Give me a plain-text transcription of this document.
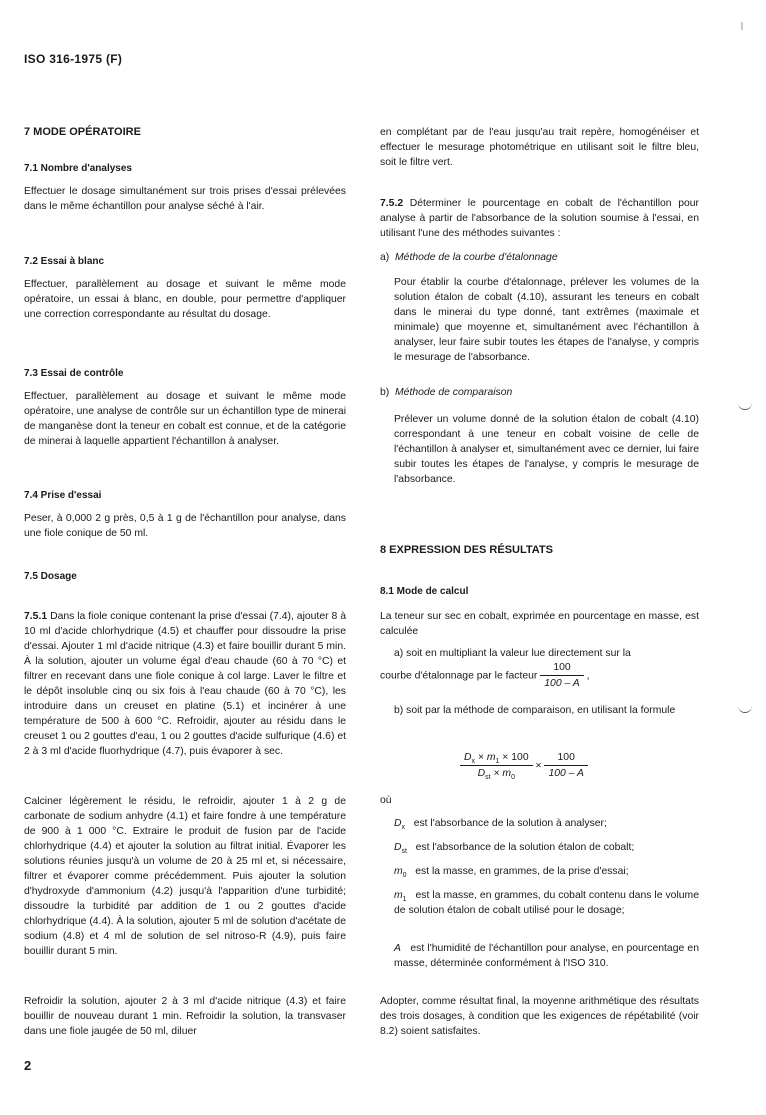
ISO 316-1975 (F)
7 MODE OPÉRATOIRE
7.1 Nombre d'analyses
Effectuer le dosage simultanément sur trois prises d'essai prélevées dans le même échantillon pour analyse séché à l'air.
7.2 Essai à blanc
Effectuer, parallèlement au dosage et suivant le même mode opératoire, un essai à blanc, en double, pour permettre d'appliquer une correction correspondante au résultat du dosage.
7.3 Essai de contrôle
Effectuer, parallèlement au dosage et suivant le même mode opératoire, une analyse de contrôle sur un échantillon type de minerai de manganèse dont la teneur en cobalt est connue, et de la catégorie de minerai à laquelle appartient l'échantillon à analyser.
7.4 Prise d'essai
Peser, à 0,000 2 g près, 0,5 à 1 g de l'échantillon pour analyse, dans une fiole conique de 50 ml.
7.5 Dosage
7.5.1 Dans la fiole conique contenant la prise d'essai (7.4), ajouter 8 à 10 ml d'acide chlorhydrique (4.5) et chauffer pour dissoudre la prise d'essai. Ajouter 1 ml d'acide nitrique (4.3) et faire bouillir durant 5 min. À la solution, ajouter un volume égal d'eau chaude (60 à 70 °C) et filtrer en recevant dans une fiole conique à col large. Laver le filtre et le dépôt insoluble cinq ou six fois à l'eau chaude (60 à 70 °C), les introduire dans un creuset en platine (5.1) et incinérer à une température de 500 à 600 °C. Refroidir, ajouter au résidu dans le creuset 1 ou 2 gouttes d'eau, 1 ou 2 gouttes d'acide sulfurique (4.6) et 2 à 3 ml d'acide fluorhydrique (4.7), puis évaporer à sec.
Calciner légèrement le résidu, le refroidir, ajouter 1 à 2 g de carbonate de sodium anhydre (4.1) et faire fondre à une température de 900 à 1 000 °C. Extraire le produit de fusion par de l'acide chlorhydrique (4.4) et ajouter la solution au filtrat initial. Évaporer les solutions réunies jusqu'à un volume de 20 à 25 ml et, si nécessaire, filtrer et évaporer comme précédemment. Puis ajouter la solution d'hydroxyde d'ammonium (4.2) jusqu'à l'apparition d'une turbidité; dissoudre la turbidité par addition de 1 ou 2 gouttes d'acide chlorhydrique (4.4). À la solution, ajouter 5 ml de solution d'acétate de sodium (4.8) et 4 ml de solution de sel nitroso-R (4.9), puis faire bouillir durant 5 min.
Refroidir la solution, ajouter 2 à 3 ml d'acide nitrique (4.3) et faire bouillir de nouveau durant 1 min. Refroidir la solution, la transvaser dans une fiole jaugée de 50 ml, diluer
en complétant par de l'eau jusqu'au trait repère, homogénéiser et effectuer le mesurage photométrique en utilisant soit le filtre bleu, soit le filtre vert.
7.5.2 Déterminer le pourcentage en cobalt de l'échantillon pour analyse à partir de l'absorbance de la solution soumise à l'essai, en utilisant l'une des méthodes suivantes :
a) Méthode de la courbe d'étalonnage
Pour établir la courbe d'étalonnage, prélever les volumes de la solution étalon de cobalt (4.10), assurant les teneurs en cobalt dans le minerai du type donné, tant extrêmes (maximale et minimale) que moyenne et, simultanément avec l'échantillon à analyser, leur faire subir toutes les étapes de l'analyse, y compris le mesurage de l'absorbance.
b) Méthode de comparaison
Prélever un volume donné de la solution étalon de cobalt (4.10) correspondant à une teneur en cobalt voisine de celle de l'échantillon à analyser et, simultanément avec ce dernier, lui faire subir toutes les étapes de l'analyse, y compris le mesurage de l'absorbance.
8 EXPRESSION DES RÉSULTATS
8.1 Mode de calcul
La teneur sur sec en cobalt, exprimée en pourcentage en masse, est calculée
a) soit en multipliant la valeur lue directement sur la
courbe d'étalonnage par le facteur $\frac{100}{100 - A}$ ,
b) soit par la méthode de comparaison, en utilisant la formule
$\frac{D_x \times m_1 \times 100}{D_{st} \times m_0} \times \frac{100}{100 - A}$
où
$D_x$ est l'absorbance de la solution à analyser;
$D_{st}$ est l'absorbance de la solution étalon de cobalt;
$m_0$ est la masse, en grammes, de la prise d'essai;
$m_1$ est la masse, en grammes, du cobalt contenu dans le volume de solution étalon de cobalt utilisé pour le dosage;
A est l'humidité de l'échantillon pour analyse, en pourcentage en masse, déterminée conformément à l'ISO 310.
Adopter, comme résultat final, la moyenne arithmétique des résultats des trois dosages, à condition que les exigences de répétabilité (voir 8.2) soient satisfaites.
2
